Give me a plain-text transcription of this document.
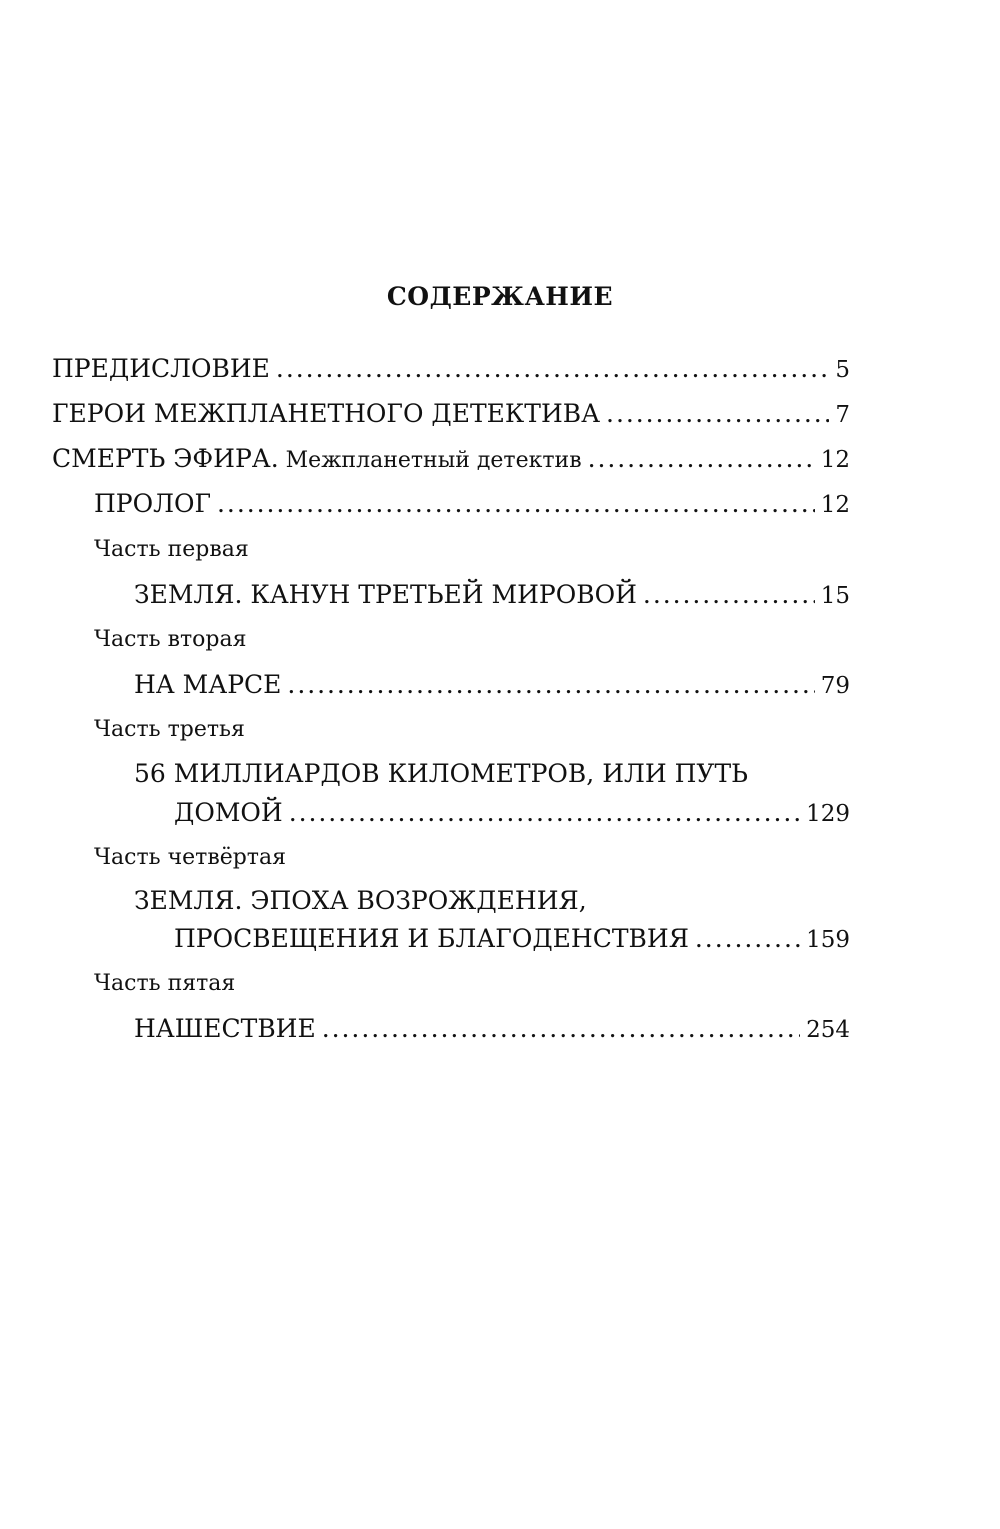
СОДЕРЖАНИЕ
ПРЕДИСЛОВИЕ . . .	5
ГЕРОИ МЕЖПЛАНЕТНОГО ДЕТЕКТИВА . . .	7
СМЕРТЬ ЭФИРА. Межпланетный детектив . . .	12
ПРОЛОГ . . .	12
Часть первая
ЗЕМЛЯ. КАНУН ТРЕТЬЕЙ МИРОВОЙ . . .	15
Часть вторая
НА МАРСЕ . . .	79
Часть третья
56 МИЛЛИАРДОВ КИЛОМЕТРОВ, ИЛИ ПУТЬ
ДОМОЙ . . .	129
Часть четвёртая
ЗЕМЛЯ. ЭПОХА ВОЗРОЖДЕНИЯ,
ПРОСВЕЩЕНИЯ И БЛАГОДЕНСТВИЯ . . .	159
Часть пятая
НАШЕСТВИЕ . . .	254
